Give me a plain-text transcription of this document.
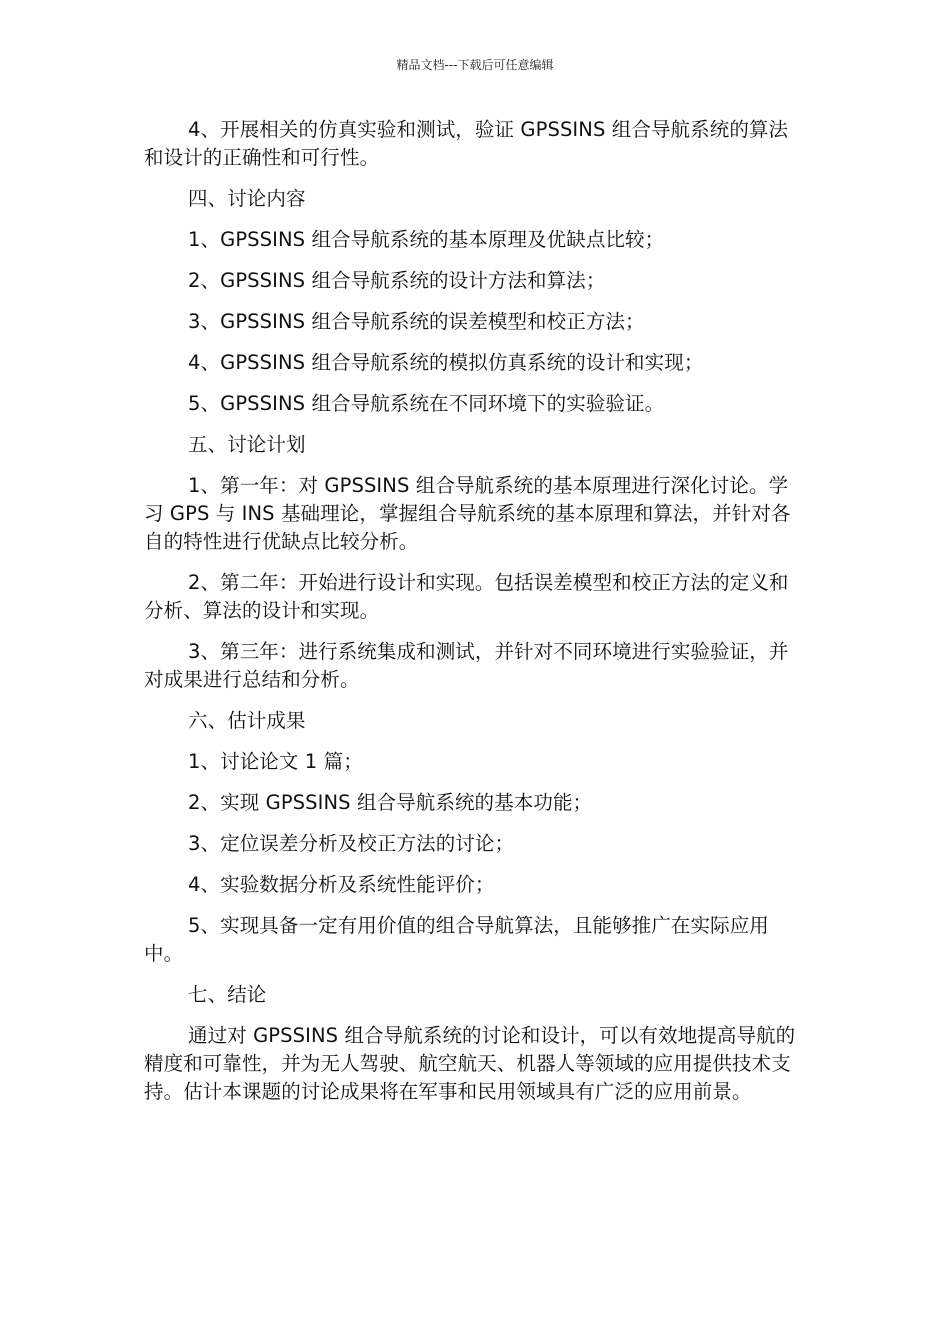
精品文档---下载后可任意编辑

4、开展相关的仿真实验和测试，验证 GPSSINS 组合导航系统的算法和设计的正确性和可行性。

四、讨论内容

1、GPSSINS 组合导航系统的基本原理及优缺点比较；

2、GPSSINS 组合导航系统的设计方法和算法；

3、GPSSINS 组合导航系统的误差模型和校正方法；

4、GPSSINS 组合导航系统的模拟仿真系统的设计和实现；

5、GPSSINS 组合导航系统在不同环境下的实验验证。

五、讨论计划

1、第一年：对 GPSSINS 组合导航系统的基本原理进行深化讨论。学习 GPS 与 INS 基础理论，掌握组合导航系统的基本原理和算法，并针对各自的特性进行优缺点比较分析。

2、第二年：开始进行设计和实现。包括误差模型和校正方法的定义和分析、算法的设计和实现。

3、第三年：进行系统集成和测试，并针对不同环境进行实验验证，并对成果进行总结和分析。

六、估计成果

1、讨论论文 1 篇；

2、实现 GPSSINS 组合导航系统的基本功能；

3、定位误差分析及校正方法的讨论；

4、实验数据分析及系统性能评价；

5、实现具备一定有用价值的组合导航算法，且能够推广在实际应用中。

七、结论

通过对 GPSSINS 组合导航系统的讨论和设计，可以有效地提高导航的精度和可靠性，并为无人驾驶、航空航天、机器人等领域的应用提供技术支持。估计本课题的讨论成果将在军事和民用领域具有广泛的应用前景。
